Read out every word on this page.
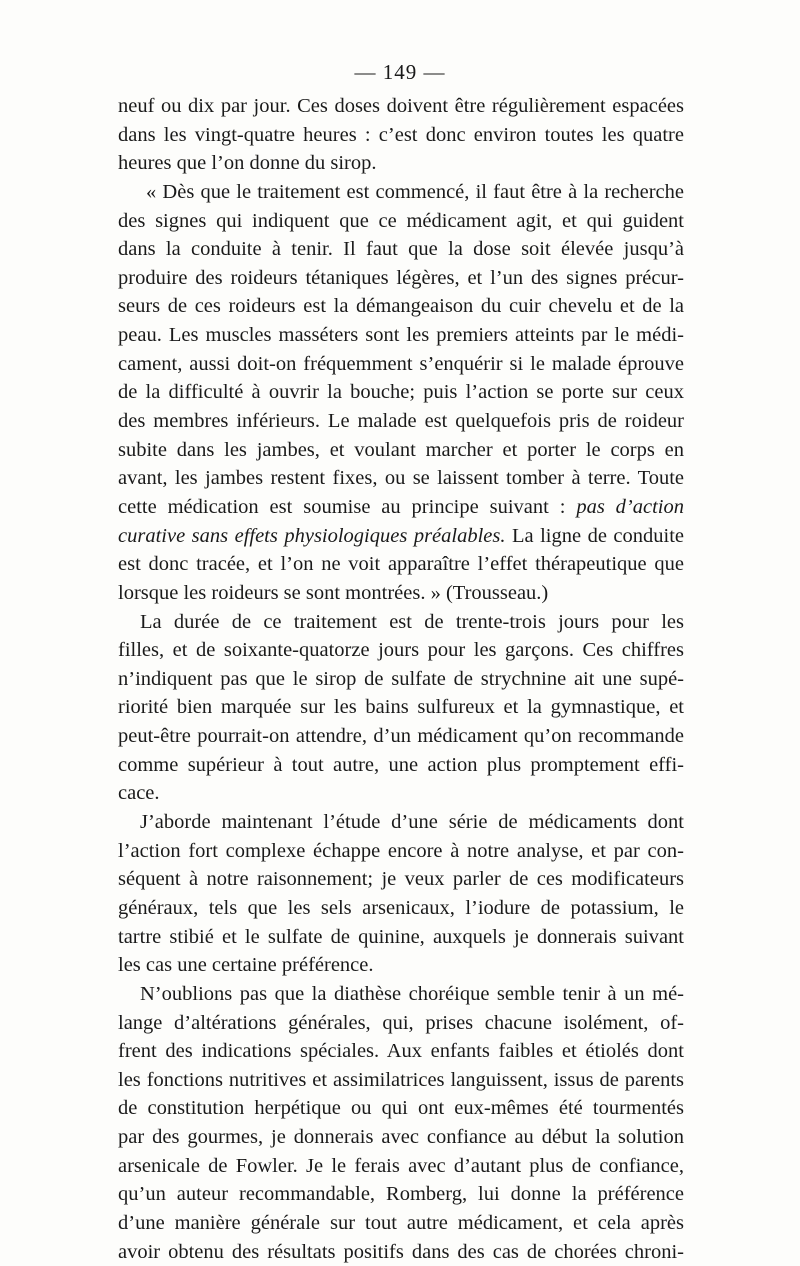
— 149 —
neuf ou dix par jour. Ces doses doivent être régulièrement espacées
dans les vingt-quatre heures : c’est donc environ toutes les quatre
heures que l’on donne du sirop.
« Dès que le traitement est commencé, il faut être à la recherche
des signes qui indiquent que ce médicament agit, et qui guident
dans la conduite à tenir. Il faut que la dose soit élevée jusqu’à
produire des roideurs tétaniques légères, et l’un des signes précur-
seurs de ces roideurs est la démangeaison du cuir chevelu et de la
peau. Les muscles masséters sont les premiers atteints par le médi-
cament, aussi doit-on fréquemment s’enquérir si le malade éprouve
de la difficulté à ouvrir la bouche; puis l’action se porte sur ceux
des membres inférieurs. Le malade est quelquefois pris de roideur
subite dans les jambes, et voulant marcher et porter le corps en
avant, les jambes restent fixes, ou se laissent tomber à terre. Toute
cette médication est soumise au principe suivant : pas d’action
curative sans effets physiologiques préalables. La ligne de conduite
est donc tracée, et l’on ne voit apparaître l’effet thérapeutique que
lorsque les roideurs se sont montrées. » (Trousseau.)
La durée de ce traitement est de trente-trois jours pour les
filles, et de soixante-quatorze jours pour les garçons. Ces chiffres
n’indiquent pas que le sirop de sulfate de strychnine ait une supé-
riorité bien marquée sur les bains sulfureux et la gymnastique, et
peut-être pourrait-on attendre, d’un médicament qu’on recommande
comme supérieur à tout autre, une action plus promptement effi-
cace.
J’aborde maintenant l’étude d’une série de médicaments dont
l’action fort complexe échappe encore à notre analyse, et par con-
séquent à notre raisonnement; je veux parler de ces modificateurs
généraux, tels que les sels arsenicaux, l’iodure de potassium, le
tartre stibié et le sulfate de quinine, auxquels je donnerais suivant
les cas une certaine préférence.
N’oublions pas que la diathèse choréique semble tenir à un mé-
lange d’altérations générales, qui, prises chacune isolément, of-
frent des indications spéciales. Aux enfants faibles et étiolés dont
les fonctions nutritives et assimilatrices languissent, issus de parents
de constitution herpétique ou qui ont eux-mêmes été tourmentés
par des gourmes, je donnerais avec confiance au début la solution
arsenicale de Fowler. Je le ferais avec d’autant plus de confiance,
qu’un auteur recommandable, Romberg, lui donne la préférence
d’une manière générale sur tout autre médicament, et cela après
avoir obtenu des résultats positifs dans des cas de chorées chroni-
